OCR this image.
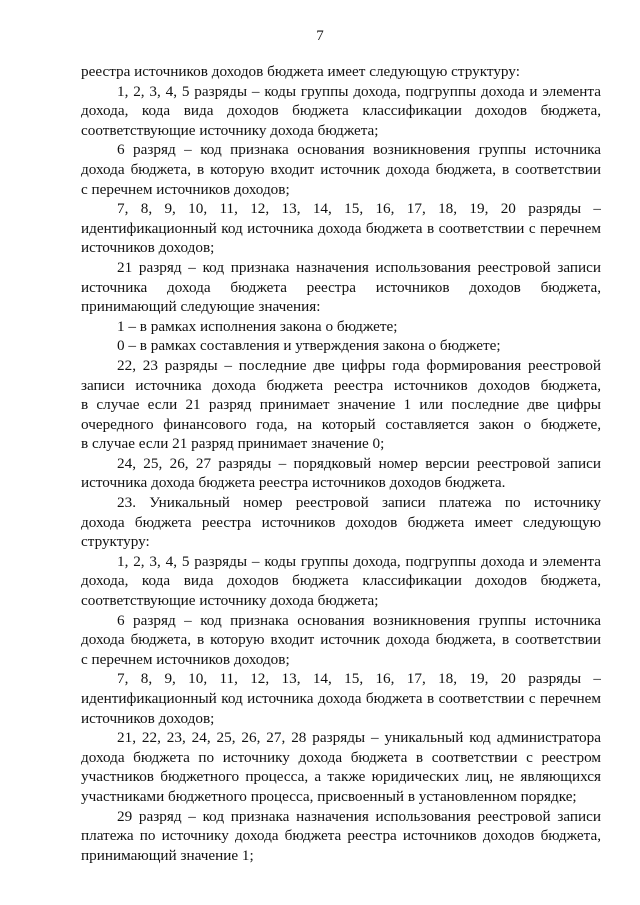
7
реестра источников доходов бюджета имеет следующую структуру:
1, 2, 3, 4, 5 разряды – коды группы дохода, подгруппы дохода и элемента
дохода, кода вида доходов бюджета классификации доходов бюджета,
соответствующие источнику дохода бюджета;
6 разряд – код признака основания возникновения группы источника
дохода бюджета, в которую входит источник дохода бюджета, в соответствии
с перечнем источников доходов;
7, 8, 9, 10, 11, 12, 13, 14, 15, 16, 17, 18, 19, 20 разряды –
идентификационный код источника дохода бюджета в соответствии с перечнем
источников доходов;
21 разряд – код признака назначения использования реестровой записи
источника дохода бюджета реестра источников доходов бюджета,
принимающий следующие значения:
1 – в рамках исполнения закона о бюджете;
0 – в рамках составления и утверждения закона о бюджете;
22, 23 разряды – последние две цифры года формирования реестровой
записи источника дохода бюджета реестра источников доходов бюджета,
в случае если 21 разряд принимает значение 1 или последние две цифры
очередного финансового года, на который составляется закон о бюджете,
в случае если 21 разряд принимает значение 0;
24, 25, 26, 27 разряды – порядковый номер версии реестровой записи
источника дохода бюджета реестра источников доходов бюджета.
23. Уникальный номер реестровой записи платежа по источнику
дохода бюджета реестра источников доходов бюджета имеет следующую
структуру:
1, 2, 3, 4, 5 разряды – коды группы дохода, подгруппы дохода и элемента
дохода, кода вида доходов бюджета классификации доходов бюджета,
соответствующие источнику дохода бюджета;
6 разряд – код признака основания возникновения группы источника
дохода бюджета, в которую входит источник дохода бюджета, в соответствии
с перечнем источников доходов;
7, 8, 9, 10, 11, 12, 13, 14, 15, 16, 17, 18, 19, 20 разряды –
идентификационный код источника дохода бюджета в соответствии с перечнем
источников доходов;
21, 22, 23, 24, 25, 26, 27, 28 разряды – уникальный код администратора
дохода бюджета по источнику дохода бюджета в соответствии с реестром
участников бюджетного процесса, а также юридических лиц, не являющихся
участниками бюджетного процесса, присвоенный в установленном порядке;
29 разряд – код признака назначения использования реестровой записи
платежа по источнику дохода бюджета реестра источников доходов бюджета,
принимающий значение 1;
